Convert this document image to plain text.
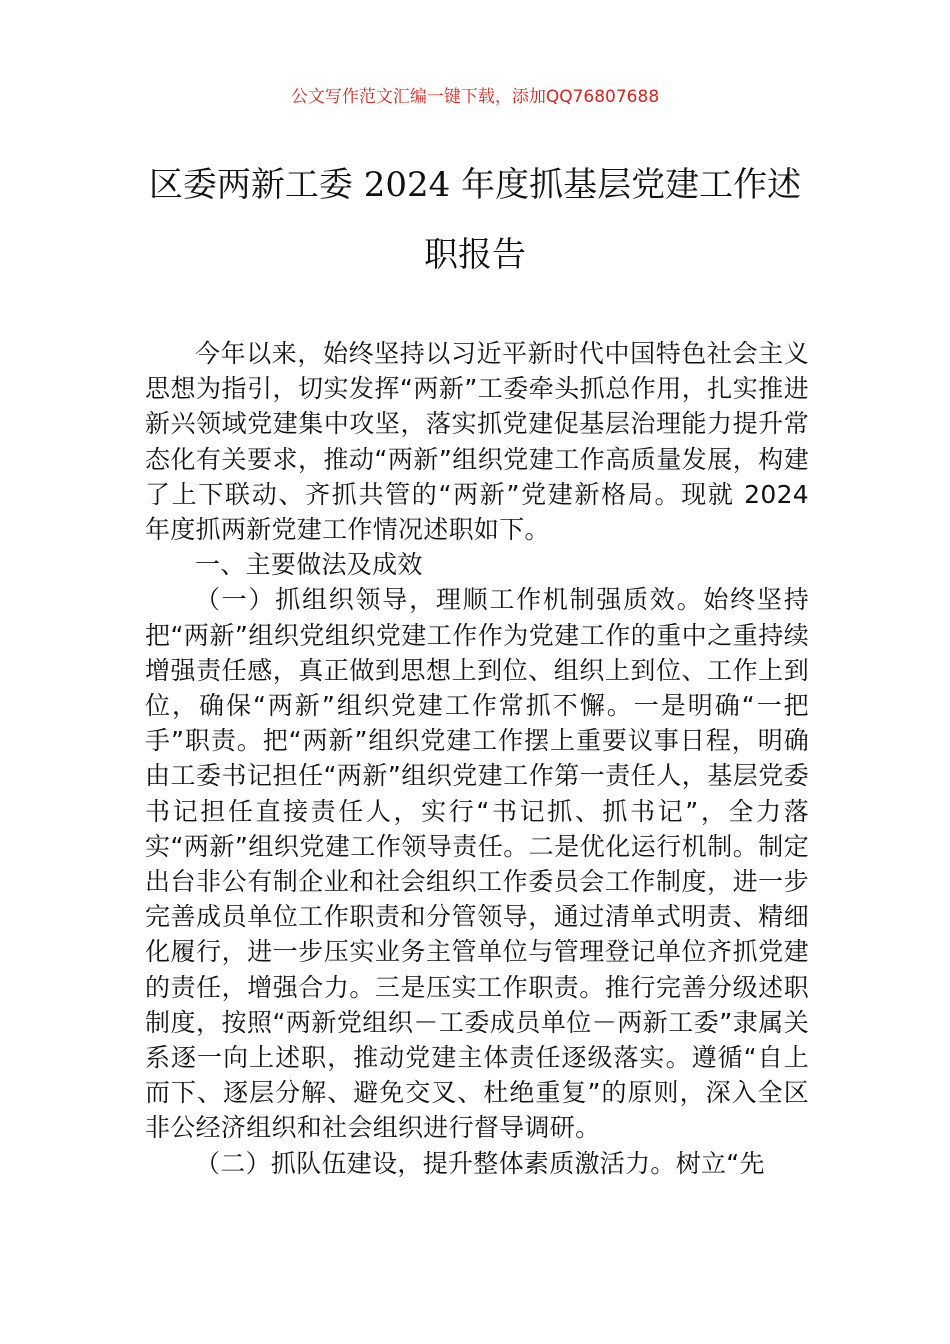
公文写作范文汇编一键下载，添加QQ76807688
区委两新工委 2024 年度抓基层党建工作述
职报告

今年以来，始终坚持以习近平新时代中国特色社会主义思想为指引，切实发挥“两新”工委牵头抓总作用，扎实推进新兴领域党建集中攻坚，落实抓党建促基层治理能力提升常态化有关要求，推动“两新”组织党建工作高质量发展，构建了上下联动、齐抓共管的“两新”党建新格局。现就 2024 年度抓两新党建工作情况述职如下。

一、主要做法及成效

（一）抓组织领导，理顺工作机制强质效。始终坚持把“两新”组织党组织党建工作作为党建工作的重中之重持续增强责任感，真正做到思想上到位、组织上到位、工作上到位，确保“两新”组织党建工作常抓不懈。一是明确“一把手”职责。把“两新”组织党建工作摆上重要议事日程，明确由工委书记担任“两新”组织党建工作第一责任人，基层党委书记担任直接责任人，实行“书记抓、抓书记”，全力落实“两新”组织党建工作领导责任。二是优化运行机制。制定出台非公有制企业和社会组织工作委员会工作制度，进一步完善成员单位工作职责和分管领导，通过清单式明责、精细化履行，进一步压实业务主管单位与管理登记单位齐抓党建的责任，增强合力。三是压实工作职责。推行完善分级述职制度，按照“两新党组织－工委成员单位－两新工委”隶属关系逐一向上述职，推动党建主体责任逐级落实。遵循“自上而下、逐层分解、避免交叉、杜绝重复”的原则，深入全区非公经济组织和社会组织进行督导调研。

（二）抓队伍建设，提升整体素质激活力。树立“先
